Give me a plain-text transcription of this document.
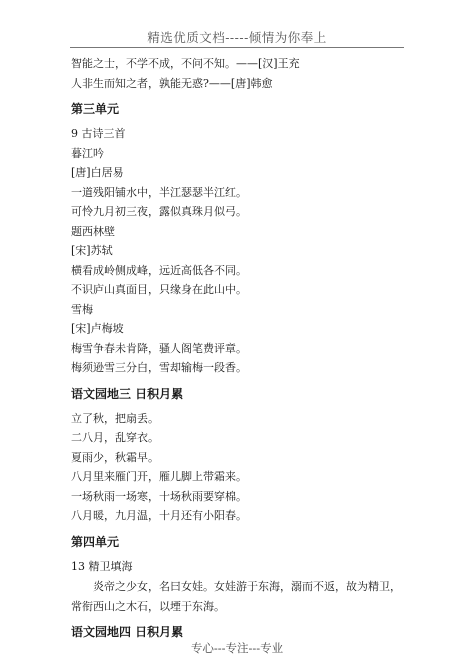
精选优质文档-----倾情为你奉上
智能之士，不学不成，不问不知。——[汉]王充
人非生而知之者，孰能无惑?——[唐]韩愈
第三单元
9 古诗三首
暮江吟
[唐]白居易
一道残阳铺水中，半江瑟瑟半江红。
可怜九月初三夜，露似真珠月似弓。
题西林壁
[宋]苏轼
横看成岭侧成峰，远近高低各不同。
不识庐山真面目，只缘身在此山中。
雪梅
[宋]卢梅坡
梅雪争春未肯降，骚人阁笔费评章。
梅须逊雪三分白，雪却输梅一段香。
语文园地三 日积月累
立了秋，把扇丢。
二八月，乱穿衣。
夏雨少，秋霜早。
八月里来雁门开，雁儿脚上带霜来。
一场秋雨一场寒，十场秋雨要穿棉。
八月暖，九月温，十月还有小阳春。
第四单元
13 精卫填海
炎帝之少女，名曰女娃。女娃游于东海，溺而不返，故为精卫，常衔西山之木石，以堙于东海。
语文园地四 日积月累
专心---专注---专业
